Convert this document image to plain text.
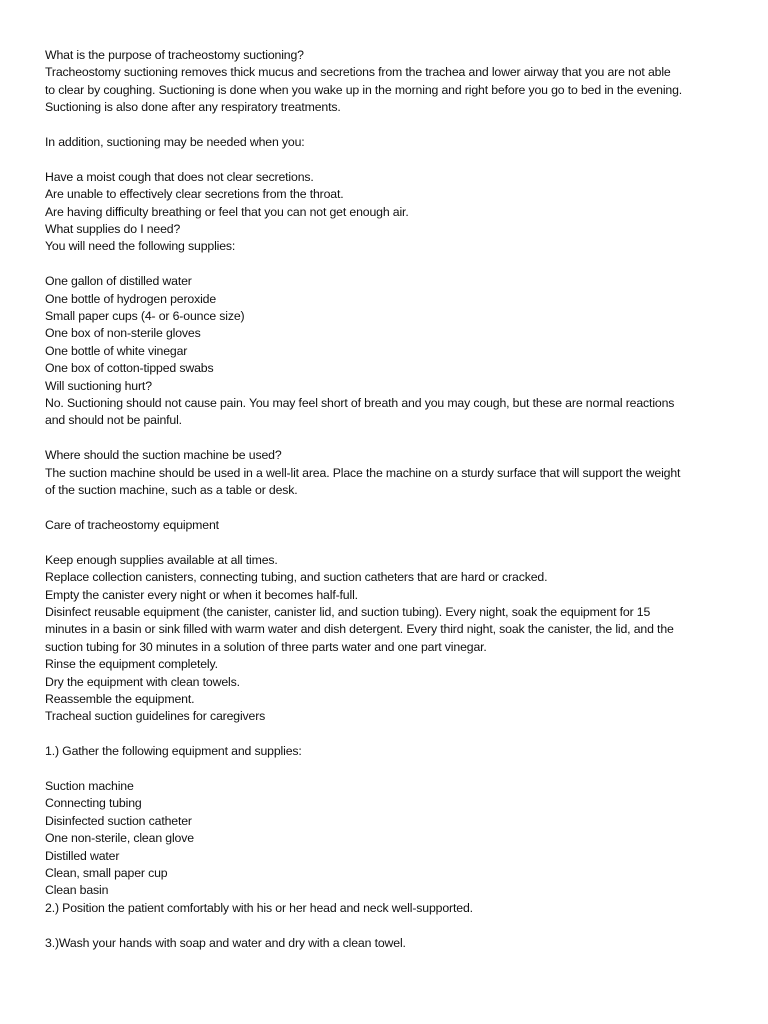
What is the purpose of tracheostomy suctioning?
Tracheostomy suctioning removes thick mucus and secretions from the trachea and lower airway that you are not able
to clear by coughing. Suctioning is done when you wake up in the morning and right before you go to bed in the evening.
Suctioning is also done after any respiratory treatments.
In addition, suctioning may be needed when you:
Have a moist cough that does not clear secretions.
Are unable to effectively clear secretions from the throat.
Are having difficulty breathing or feel that you can not get enough air.
What supplies do I need?
You will need the following supplies:
One gallon of distilled water
One bottle of hydrogen peroxide
Small paper cups (4- or 6-ounce size)
One box of non-sterile gloves
One bottle of white vinegar
One box of cotton-tipped swabs
Will suctioning hurt?
No. Suctioning should not cause pain. You may feel short of breath and you may cough, but these are normal reactions
and should not be painful.
Where should the suction machine be used?
The suction machine should be used in a well-lit area. Place the machine on a sturdy surface that will support the weight
of the suction machine, such as a table or desk.
Care of tracheostomy equipment
Keep enough supplies available at all times.
Replace collection canisters, connecting tubing, and suction catheters that are hard or cracked.
Empty the canister every night or when it becomes half-full.
Disinfect reusable equipment (the canister, canister lid, and suction tubing). Every night, soak the equipment for 15
minutes in a basin or sink filled with warm water and dish detergent. Every third night, soak the canister, the lid, and the
suction tubing for 30 minutes in a solution of three parts water and one part vinegar.
Rinse the equipment completely.
Dry the equipment with clean towels.
Reassemble the equipment.
Tracheal suction guidelines for caregivers
1.) Gather the following equipment and supplies:
Suction machine
Connecting tubing
Disinfected suction catheter
One non-sterile, clean glove
Distilled water
Clean, small paper cup
Clean basin
2.) Position the patient comfortably with his or her head and neck well-supported.
3.)Wash your hands with soap and water and dry with a clean towel.
